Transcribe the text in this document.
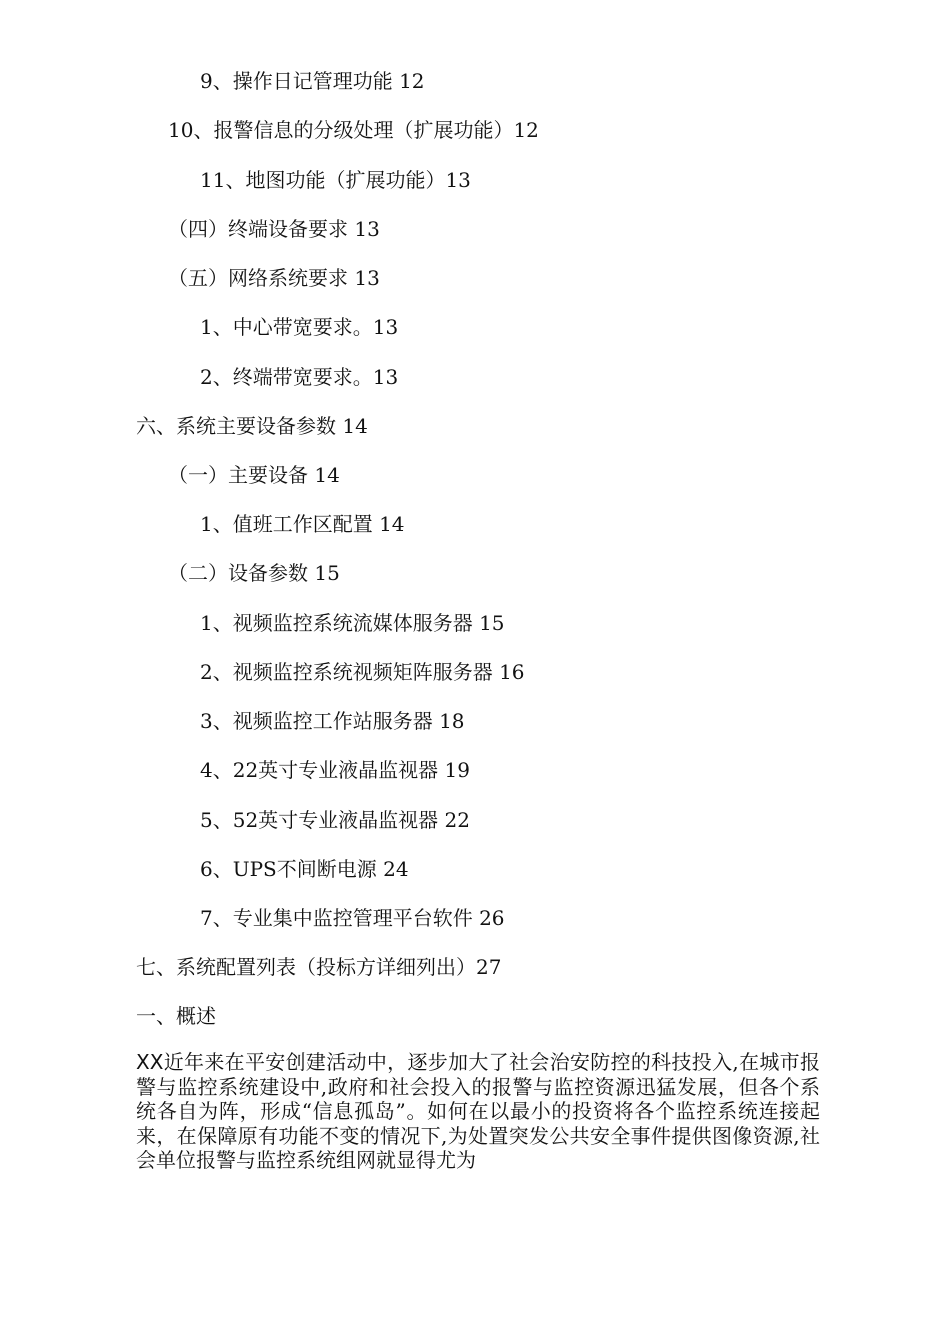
9、操作日记管理功能 12
10、报警信息的分级处理（扩展功能）12
11、地图功能（扩展功能）13
（四）终端设备要求 13
（五）网络系统要求 13
1、中心带宽要求。13
2、终端带宽要求。13
六、系统主要设备参数 14
（一）主要设备 14
1、值班工作区配置 14
（二）设备参数 15
1、视频监控系统流媒体服务器 15
2、视频监控系统视频矩阵服务器 16
3、视频监控工作站服务器 18
4、22英寸专业液晶监视器 19
5、52英寸专业液晶监视器 22
6、UPS不间断电源 24
7、专业集中监控管理平台软件 26
七、系统配置列表（投标方详细列出）27
一、概述
XX近年来在平安创建活动中，逐步加大了社会治安防控的科技投入,在城市报警与监控系统建设中,政府和社会投入的报警与监控资源迅猛发展，但各个系统各自为阵，形成“信息孤岛”。如何在以最小的投资将各个监控系统连接起来，在保障原有功能不变的情况下,为处置突发公共安全事件提供图像资源,社会单位报警与监控系统组网就显得尤为
